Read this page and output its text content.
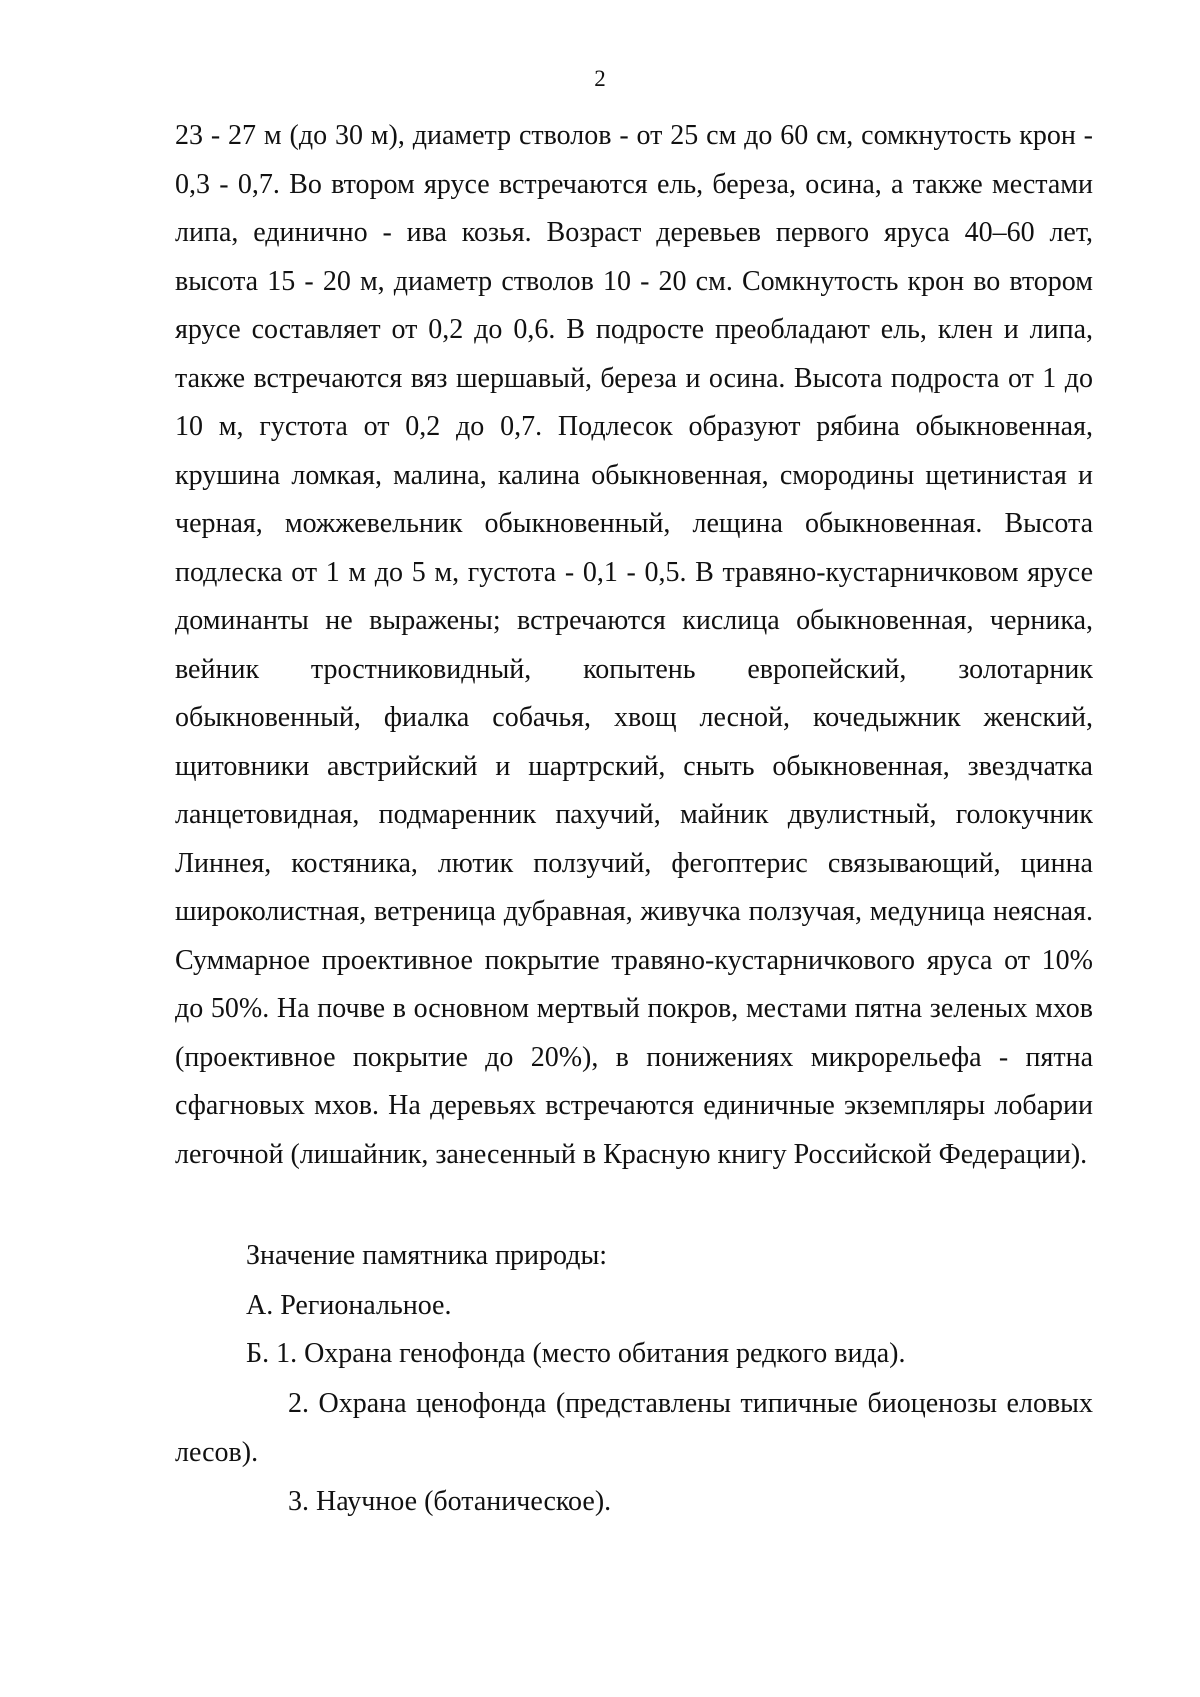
2

23 - 27 м (до 30 м), диаметр стволов - от 25 см до 60 см, сомкнутость крон - 0,3 - 0,7. Во втором ярусе встречаются ель, береза, осина, а также местами липа, единично - ива козья. Возраст деревьев первого яруса 40–60 лет, высота 15 - 20 м, диаметр стволов 10 - 20 см. Сомкнутость крон во втором ярусе составляет от 0,2 до 0,6. В подросте преобладают ель, клен и липа, также встречаются вяз шершавый, береза и осина. Высота подроста от 1 до 10 м, густота от 0,2 до 0,7. Подлесок образуют рябина обыкновенная, крушина ломкая, малина, калина обыкновенная, смородины щетинистая и черная, можжевельник обыкновенный, лещина обыкновенная. Высота подлеска от 1 м до 5 м, густота - 0,1 - 0,5. В травяно-кустарничковом ярусе доминанты не выражены; встречаются кислица обыкновенная, черника, вейник тростниковидный, копытень европейский, золотарник обыкновенный, фиалка собачья, хвощ лесной, кочедыжник женский, щитовники австрийский и шартрский, сныть обыкновенная, звездчатка ланцетовидная, подмаренник пахучий, майник двулистный, голокучник Линнея, костяника, лютик ползучий, фегоптерис связывающий, цинна широколистная, ветреница дубравная, живучка ползучая, медуница неясная. Суммарное проективное покрытие травяно-кустарничкового яруса от 10% до 50%. На почве в основном мертвый покров, местами пятна зеленых мхов (проективное покрытие до 20%), в понижениях микрорельефа - пятна сфагновых мхов. На деревьях встречаются единичные экземпляры лобарии легочной (лишайник, занесенный в Красную книгу Российской Федерации).

Значение памятника природы:

А. Региональное.

Б. 1. Охрана генофонда (место обитания редкого вида).

2. Охрана ценофонда (представлены типичные биоценозы еловых лесов).

3. Научное (ботаническое).
